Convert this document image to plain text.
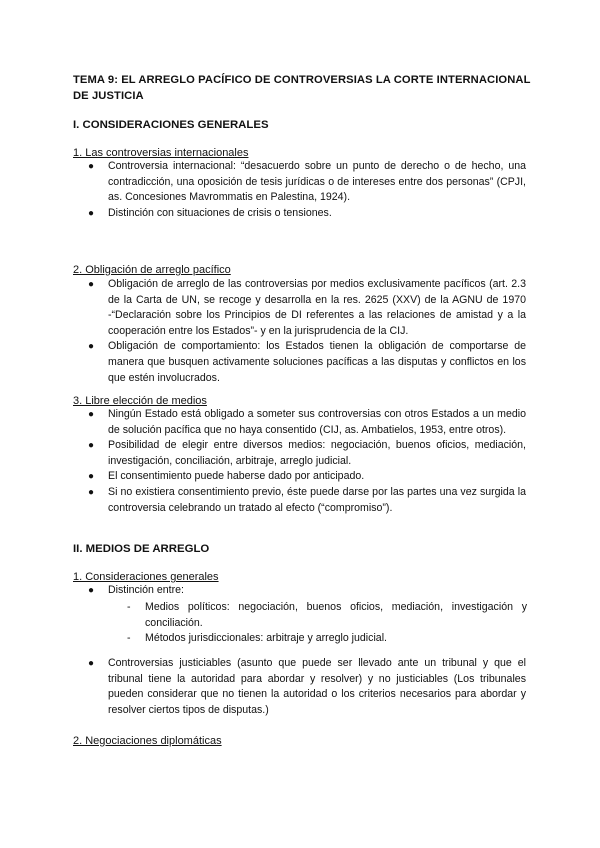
TEMA 9: EL ARREGLO PACÍFICO DE CONTROVERSIAS LA CORTE INTERNACIONAL DE JUSTICIA
I. CONSIDERACIONES GENERALES
1. Las controversias internacionales
● Controversia internacional: “desacuerdo sobre un punto de derecho o de hecho, una contradicción, una oposición de tesis jurídicas o de intereses entre dos personas” (CPJI, as. Concesiones Mavrommatis en Palestina, 1924).
● Distinción con situaciones de crisis o tensiones.
2. Obligación de arreglo pacífico
● Obligación de arreglo de las controversias por medios exclusivamente pacíficos (art. 2.3 de la Carta de UN, se recoge y desarrolla en la res. 2625 (XXV) de la AGNU de 1970 -“Declaración sobre los Principios de DI referentes a las relaciones de amistad y a la cooperación entre los Estados”- y en la jurisprudencia de la CIJ.
● Obligación de comportamiento: los Estados tienen la obligación de comportarse de manera que busquen activamente soluciones pacíficas a las disputas y conflictos en los que estén involucrados.
3. Libre elección de medios
● Ningún Estado está obligado a someter sus controversias con otros Estados a un medio de solución pacífica que no haya consentido (CIJ, as. Ambatielos, 1953, entre otros).
● Posibilidad de elegir entre diversos medios: negociación, buenos oficios, mediación, investigación, conciliación, arbitraje, arreglo judicial.
● El consentimiento puede haberse dado por anticipado.
● Si no existiera consentimiento previo, éste puede darse por las partes una vez surgida la controversia celebrando un tratado al efecto (“compromiso”).
II. MEDIOS DE ARREGLO
1. Consideraciones generales
● Distinción entre:
- Medios políticos: negociación, buenos oficios, mediación, investigación y conciliación.
- Métodos jurisdiccionales: arbitraje y arreglo judicial.
● Controversias justiciables (asunto que puede ser llevado ante un tribunal y que el tribunal tiene la autoridad para abordar y resolver) y no justiciables (Los tribunales pueden considerar que no tienen la autoridad o los criterios necesarios para abordar y resolver ciertos tipos de disputas.)
2. Negociaciones diplomáticas
